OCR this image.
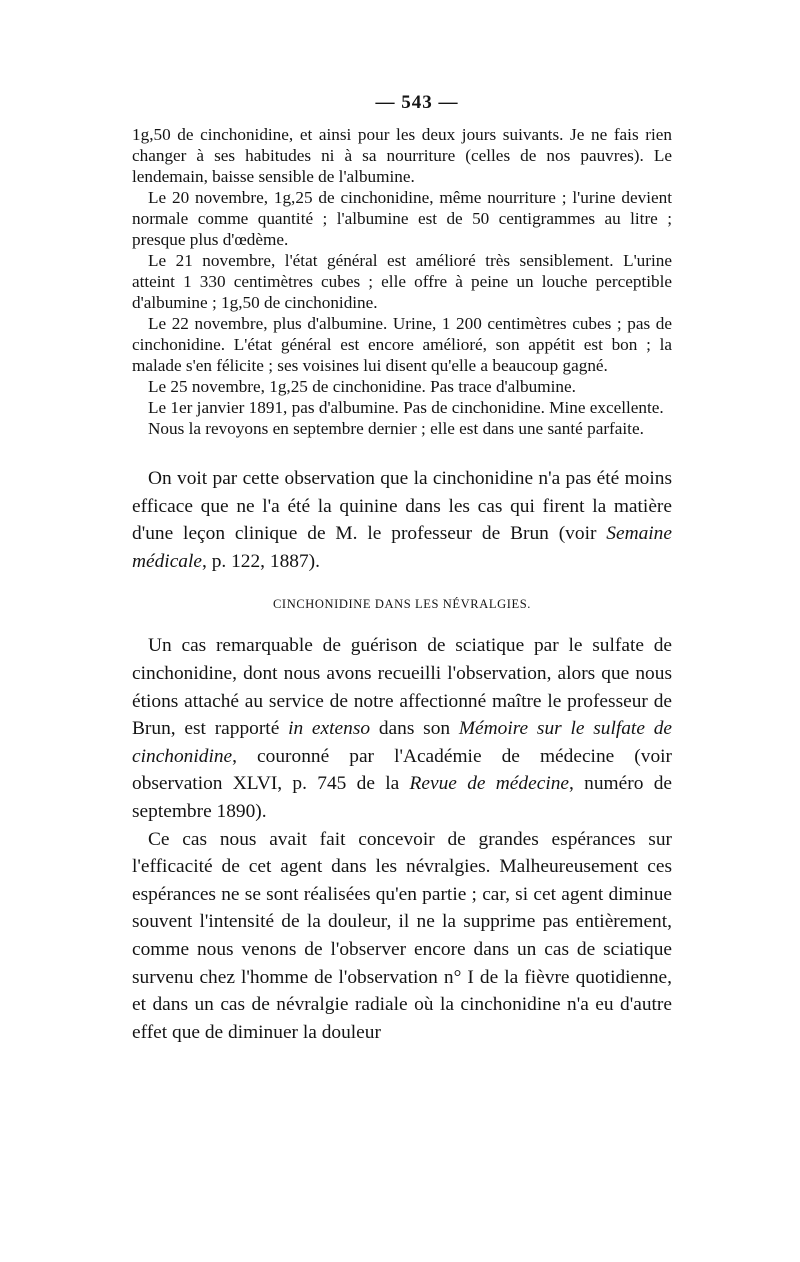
— 543 —

1g,50 de cinchonidine, et ainsi pour les deux jours suivants. Je ne fais rien changer à ses habitudes ni à sa nourriture (celles de nos pauvres). Le lendemain, baisse sensible de l'albumine.

Le 20 novembre, 1g,25 de cinchonidine, même nourriture ; l'urine devient normale comme quantité ; l'albumine est de 50 centigrammes au litre ; presque plus d'œdème.

Le 21 novembre, l'état général est amélioré très sensiblement. L'urine atteint 1 330 centimètres cubes ; elle offre à peine un louche perceptible d'albumine ; 1g,50 de cinchonidine.

Le 22 novembre, plus d'albumine. Urine, 1 200 centimètres cubes ; pas de cinchonidine. L'état général est encore amélioré, son appétit est bon ; la malade s'en félicite ; ses voisines lui disent qu'elle a beaucoup gagné.

Le 25 novembre, 1g,25 de cinchonidine. Pas trace d'albumine.

Le 1er janvier 1891, pas d'albumine. Pas de cinchonidine. Mine excellente.

Nous la revoyons en septembre dernier ; elle est dans une santé parfaite.

On voit par cette observation que la cinchonidine n'a pas été moins efficace que ne l'a été la quinine dans les cas qui firent la matière d'une leçon clinique de M. le professeur de Brun (voir Semaine médicale, p. 122, 1887).

CINCHONIDINE DANS LES NÉVRALGIES.

Un cas remarquable de guérison de sciatique par le sulfate de cinchonidine, dont nous avons recueilli l'observation, alors que nous étions attaché au service de notre affectionné maître le professeur de Brun, est rapporté in extenso dans son Mémoire sur le sulfate de cinchonidine, couronné par l'Académie de médecine (voir observation XLVI, p. 745 de la Revue de médecine, numéro de septembre 1890).

Ce cas nous avait fait concevoir de grandes espérances sur l'efficacité de cet agent dans les névralgies. Malheureusement ces espérances ne se sont réalisées qu'en partie ; car, si cet agent diminue souvent l'intensité de la douleur, il ne la supprime pas entièrement, comme nous venons de l'observer encore dans un cas de sciatique survenu chez l'homme de l'observation n° I de la fièvre quotidienne, et dans un cas de névralgie radiale où la cinchonidine n'a eu d'autre effet que de diminuer la douleur
